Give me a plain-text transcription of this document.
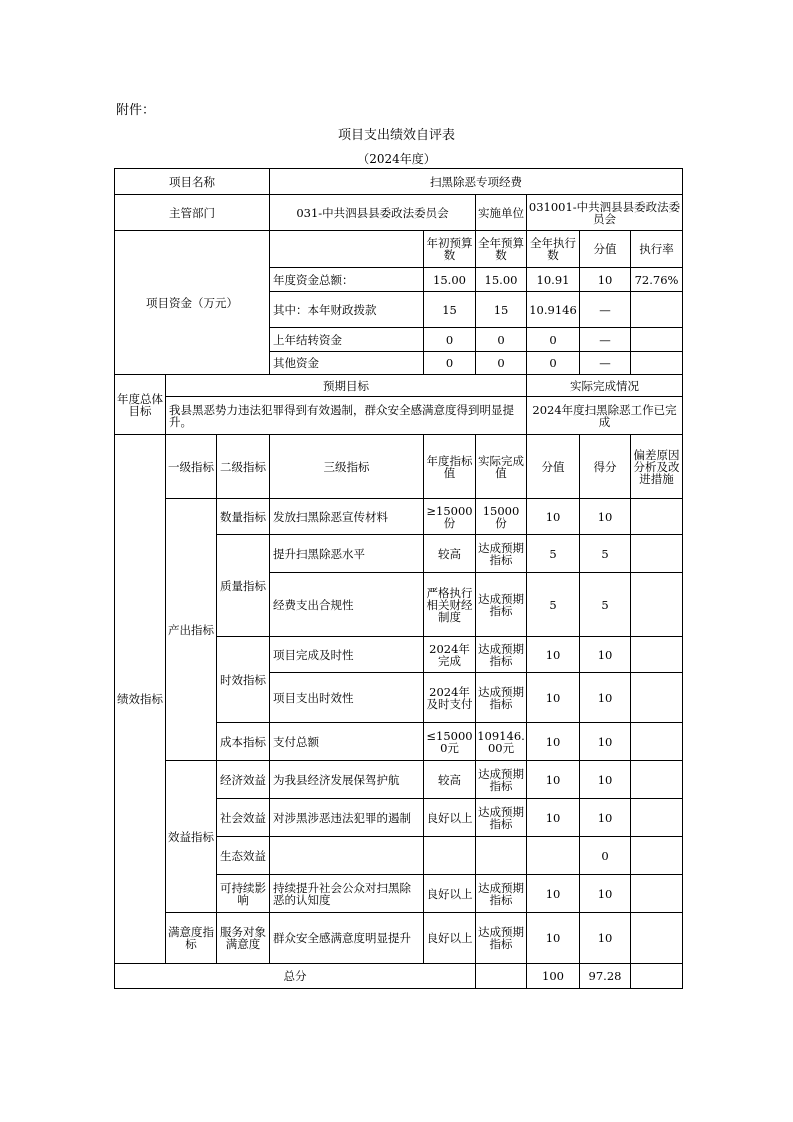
附件：
项目支出绩效自评表
（2024年度）
项目名称			扫黑除恶专项经费					
主管部门			031-中共泗县县委政法委员会		实施单位	031001-中共泗县县委政法委员会		
项目资金（万元）				年初预算数	全年预算数	全年执行数	分值	执行率
			年度资金总额：	15.00	15.00	10.91	10	72.76%
			其中：本年财政拨款	15	15	10.9146	—	
			上年结转资金	0	0	0	—	
			其他资金	0	0	0	—	
年度总体目标	预期目标					实际完成情况		
	我县黑恶势力违法犯罪得到有效遏制，群众安全感满意度得到明显提升。					2024年度扫黑除恶工作已完成		
绩效指标	一级指标	二级指标	三级指标	年度指标值	实际完成值	分值	得分	偏差原因分析及改进措施
	产出指标	数量指标	发放扫黑除恶宣传材料	≥15000份	15000份	10	10	
		质量指标	提升扫黑除恶水平	较高	达成预期指标	5	5	
			经费支出合规性	严格执行相关财经制度	达成预期指标	5	5	
		时效指标	项目完成及时性	2024年完成	达成预期指标	10	10	
			项目支出时效性	2024年及时支付	达成预期指标	10	10	
		成本指标	支付总额	≤150000元	109146.00元	10	10	
	效益指标	经济效益	为我县经济发展保驾护航	较高	达成预期指标	10	10	
		社会效益	对涉黑涉恶违法犯罪的遏制	良好以上	达成预期指标	10	10	
		生态效益					0	
		可持续影响	持续提升社会公众对扫黑除恶的认知度	良好以上	达成预期指标	10	10	
	满意度指标	服务对象满意度	群众安全感满意度明显提升	良好以上	达成预期指标	10	10	
总分						100	97.28	
